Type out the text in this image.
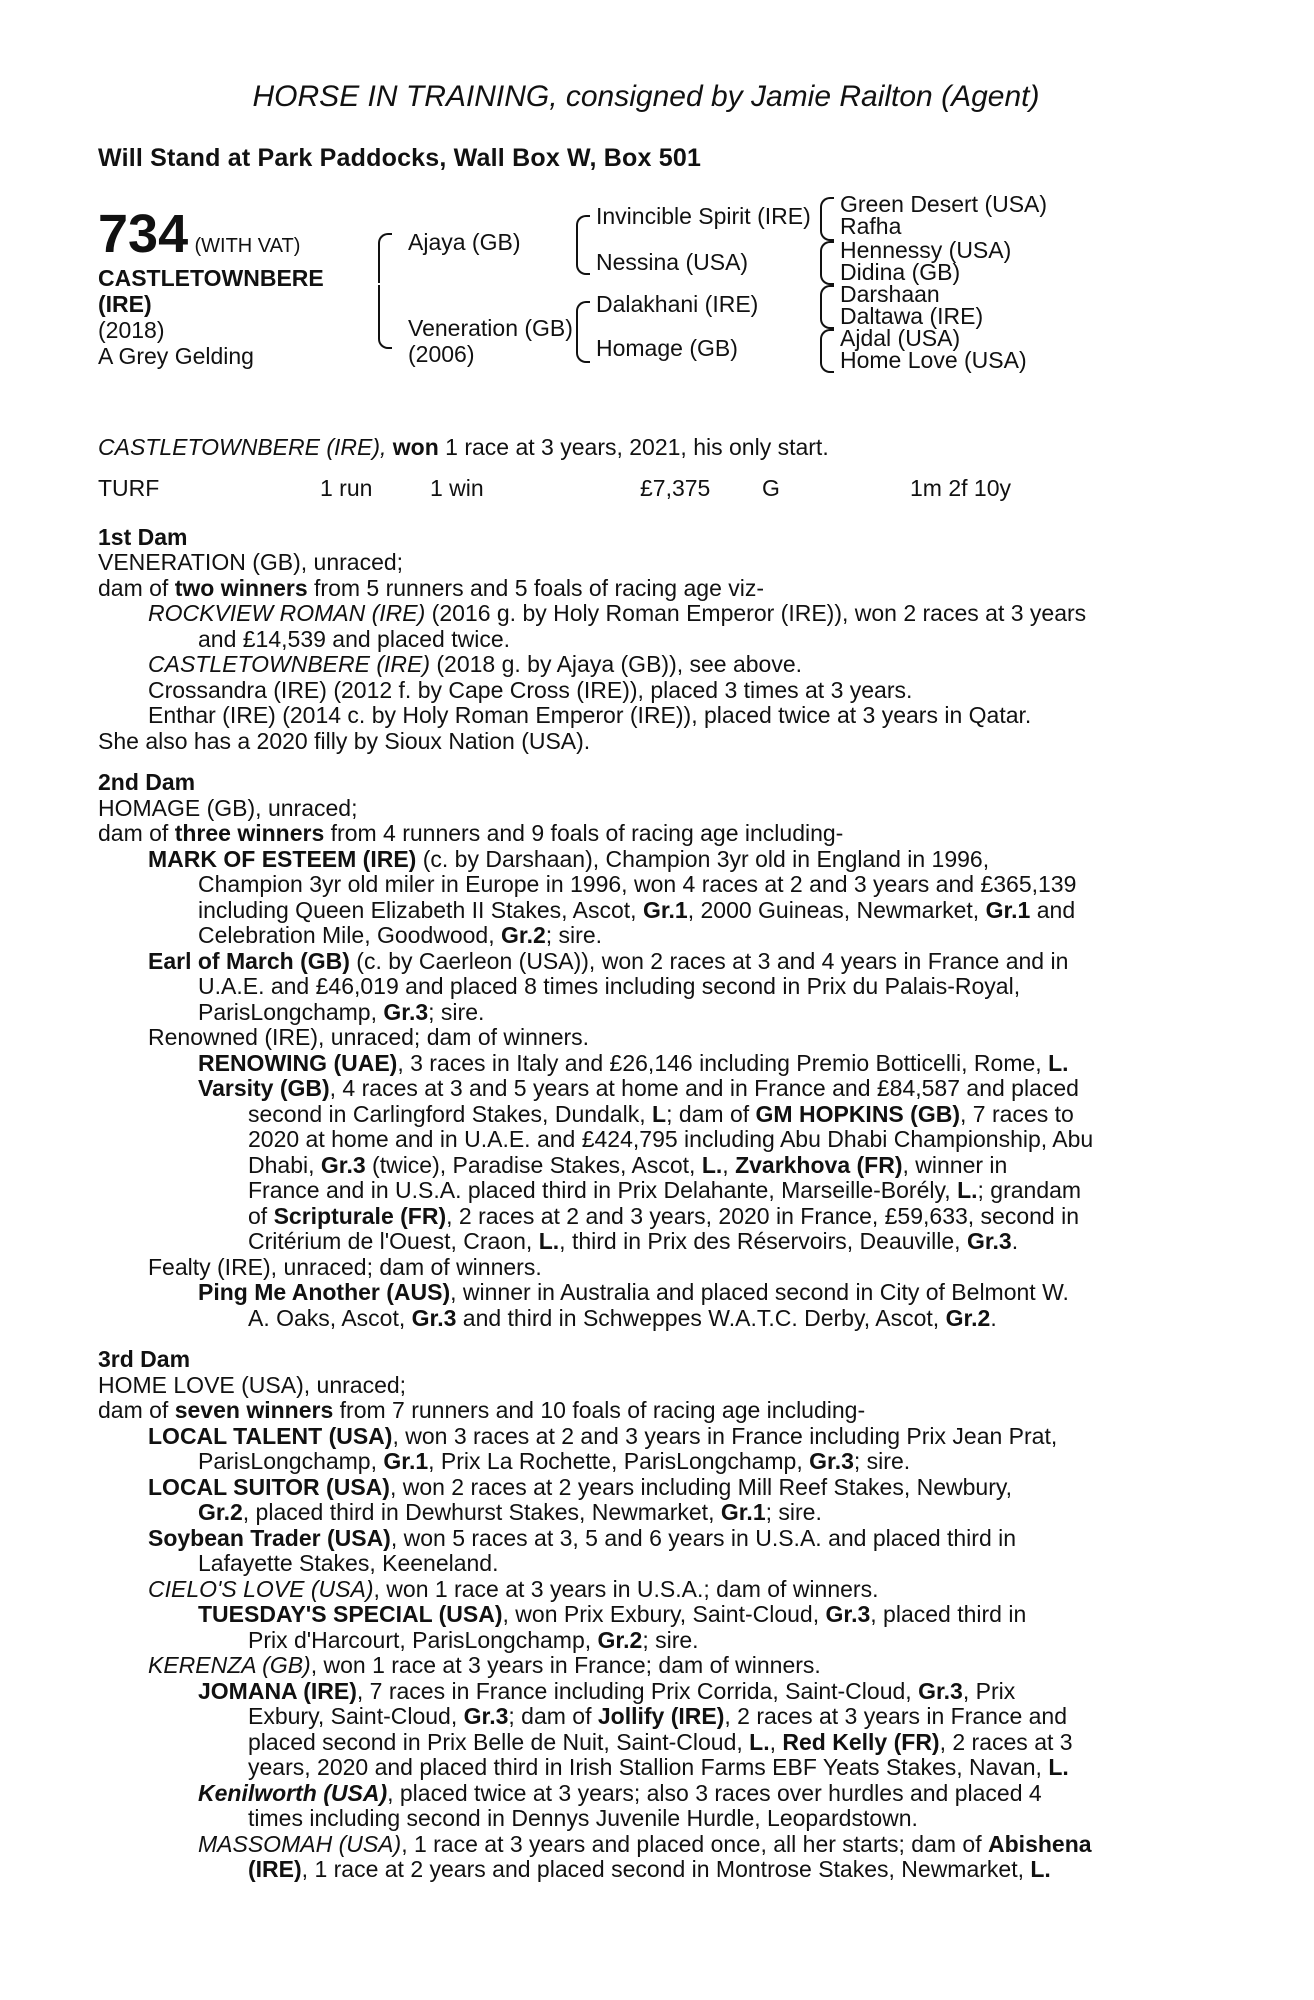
HORSE IN TRAINING, consigned by Jamie Railton (Agent)
Will Stand at Park Paddocks, Wall Box W, Box 501
734 (WITH VAT)
CASTLETOWNBERE
(IRE)
(2018)
A Grey Gelding
Ajaya (GB)
Veneration (GB)
(2006)
Invincible Spirit (IRE)
Nessina (USA)
Dalakhani (IRE)
Homage (GB)
Green Desert (USA)
Rafha
Hennessy (USA)
Didina (GB)
Darshaan
Daltawa (IRE)
Ajdal (USA)
Home Love (USA)
CASTLETOWNBERE (IRE), won 1 race at 3 years, 2021, his only start.
TURF	1 run	1 win	£7,375 G	1m 2f 10y
1st Dam
VENERATION (GB), unraced;
dam of two winners from 5 runners and 5 foals of racing age viz-
ROCKVIEW ROMAN (IRE) (2016 g. by Holy Roman Emperor (IRE)), won 2 races at 3 years
and £14,539 and placed twice.
CASTLETOWNBERE (IRE) (2018 g. by Ajaya (GB)), see above.
Crossandra (IRE) (2012 f. by Cape Cross (IRE)), placed 3 times at 3 years.
Enthar (IRE) (2014 c. by Holy Roman Emperor (IRE)), placed twice at 3 years in Qatar.
She also has a 2020 filly by Sioux Nation (USA).
2nd Dam
HOMAGE (GB), unraced;
dam of three winners from 4 runners and 9 foals of racing age including-
MARK OF ESTEEM (IRE) (c. by Darshaan), Champion 3yr old in England in 1996,
Champion 3yr old miler in Europe in 1996, won 4 races at 2 and 3 years and £365,139
including Queen Elizabeth II Stakes, Ascot, Gr.1, 2000 Guineas, Newmarket, Gr.1 and
Celebration Mile, Goodwood, Gr.2; sire.
Earl of March (GB) (c. by Caerleon (USA)), won 2 races at 3 and 4 years in France and in
U.A.E. and £46,019 and placed 8 times including second in Prix du Palais-Royal,
ParisLongchamp, Gr.3; sire.
Renowned (IRE), unraced; dam of winners.
RENOWING (UAE), 3 races in Italy and £26,146 including Premio Botticelli, Rome, L.
Varsity (GB), 4 races at 3 and 5 years at home and in France and £84,587 and placed
second in Carlingford Stakes, Dundalk, L; dam of GM HOPKINS (GB), 7 races to
2020 at home and in U.A.E. and £424,795 including Abu Dhabi Championship, Abu
Dhabi, Gr.3 (twice), Paradise Stakes, Ascot, L., Zvarkhova (FR), winner in
France and in U.S.A. placed third in Prix Delahante, Marseille-Borély, L.; grandam
of Scripturale (FR), 2 races at 2 and 3 years, 2020 in France, £59,633, second in
Critérium de l'Ouest, Craon, L., third in Prix des Réservoirs, Deauville, Gr.3.
Fealty (IRE), unraced; dam of winners.
Ping Me Another (AUS), winner in Australia and placed second in City of Belmont W.
A. Oaks, Ascot, Gr.3 and third in Schweppes W.A.T.C. Derby, Ascot, Gr.2.
3rd Dam
HOME LOVE (USA), unraced;
dam of seven winners from 7 runners and 10 foals of racing age including-
LOCAL TALENT (USA), won 3 races at 2 and 3 years in France including Prix Jean Prat,
ParisLongchamp, Gr.1, Prix La Rochette, ParisLongchamp, Gr.3; sire.
LOCAL SUITOR (USA), won 2 races at 2 years including Mill Reef Stakes, Newbury,
Gr.2, placed third in Dewhurst Stakes, Newmarket, Gr.1; sire.
Soybean Trader (USA), won 5 races at 3, 5 and 6 years in U.S.A. and placed third in
Lafayette Stakes, Keeneland.
CIELO'S LOVE (USA), won 1 race at 3 years in U.S.A.; dam of winners.
TUESDAY'S SPECIAL (USA), won Prix Exbury, Saint-Cloud, Gr.3, placed third in
Prix d'Harcourt, ParisLongchamp, Gr.2; sire.
KERENZA (GB), won 1 race at 3 years in France; dam of winners.
JOMANA (IRE), 7 races in France including Prix Corrida, Saint-Cloud, Gr.3, Prix
Exbury, Saint-Cloud, Gr.3; dam of Jollify (IRE), 2 races at 3 years in France and
placed second in Prix Belle de Nuit, Saint-Cloud, L., Red Kelly (FR), 2 races at 3
years, 2020 and placed third in Irish Stallion Farms EBF Yeats Stakes, Navan, L.
Kenilworth (USA), placed twice at 3 years; also 3 races over hurdles and placed 4
times including second in Dennys Juvenile Hurdle, Leopardstown.
MASSOMAH (USA), 1 race at 3 years and placed once, all her starts; dam of Abishena
(IRE), 1 race at 2 years and placed second in Montrose Stakes, Newmarket, L.
